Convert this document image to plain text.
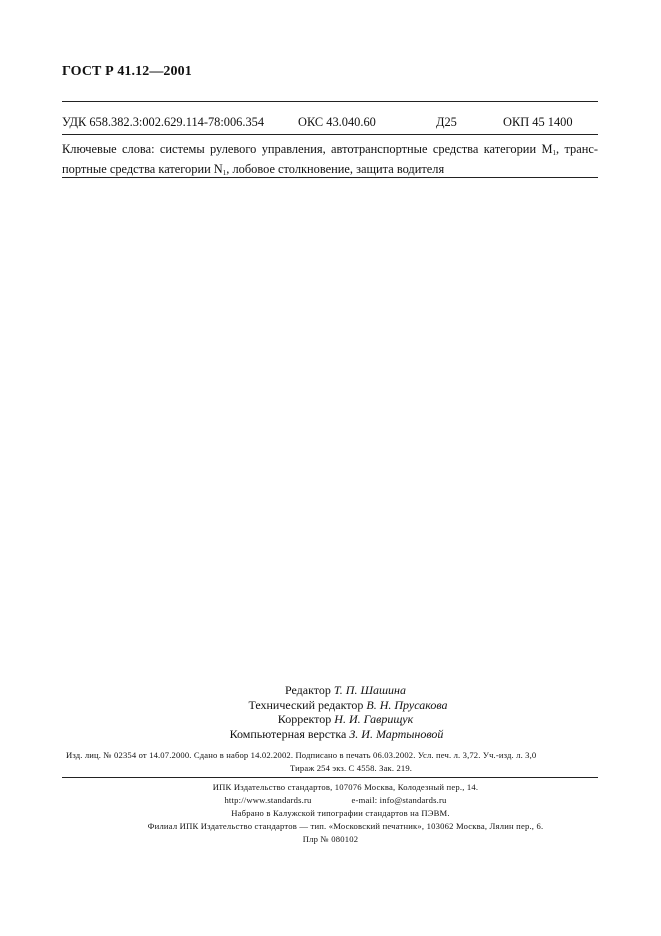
ГОСТ Р 41.12—2001
УДК 658.382.3:002.629.114-78:006.354	ОКС 43.040.60	Д25	ОКП 45 1400
Ключевые слова: системы рулевого управления, автотранспортные средства категории $M_1$, транс-
портные средства категории $N_1$, лобовое столкновение, защита водителя
Редактор Т. П. Шашина
Технический редактор В. Н. Прусакова
Корректор Н. И. Гаврищук
Компьютерная верстка З. И. Мартыновой
Изд. лиц. № 02354 от 14.07.2000. Сдано в набор 14.02.2002. Подписано в печать 06.03.2002. Усл. печ. л. 3,72. Уч.-изд. л. 3,0
Тираж 254 экз. С 4558. Зак. 219.
ИПК Издательство стандартов, 107076 Москва, Колодезный пер., 14.
http://www.standards.ru	e-mail: info@standards.ru
Набрано в Калужской типографии стандартов на ПЭВМ.
Филиал ИПК Издательство стандартов — тип. «Московский печатник», 103062 Москва, Лялин пер., 6.
Плр № 080102
